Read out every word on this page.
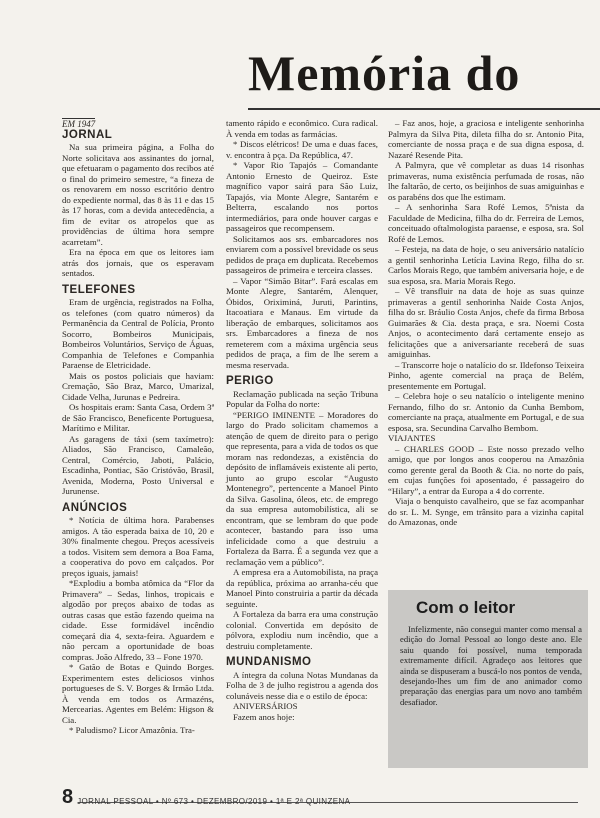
Memória do
EM 1947
JORNAL

Na sua primeira página, a Folha do Norte solicitava aos assinantes do jornal, que efetuaram o pagamento dos recibos até o final do primeiro semestre, “a fineza de os renovarem em nosso escritório dentro do expediente normal, das 8 às 11 e das 15 às 17 horas, com a devida antecedência, a fim de evitar os atropelos que as providências de última hora sempre acarretam”.

Era na época em que os leitores iam atrás dos jornais, que os esperavam sentados.

TELEFONES

Eram de urgência, registrados na Folha, os telefones (com quatro números) da Permanência da Central de Polícia, Pronto Socorro, Bombeiros Municipais, Bombeiros Voluntários, Serviço de Águas, Companhia de Telefones e Companhia Paraense de Eletricidade.

Mais os postos policiais que haviam: Cremação, São Braz, Marco, Umarizal, Cidade Velha, Jurunas e Pedreira.

Os hospitais eram: Santa Casa, Ordem 3ª de São Francisco, Beneficente Portuguesa, Marítimo e Militar.

As garagens de táxi (sem taxímetro): Aliados, São Francisco, Camaleão, Central, Comércio, Jaboti, Palácio, Escadinha, Pontiac, São Cristóvão, Brasil, Avenida, Moderna, Posto Universal e Jurunense.

ANÚNCIOS

* Notícia de última hora. Parabenses amigos. A tão esperada baixa de 10, 20 e 30% finalmente chegou. Preços acessíveis a todos. Visitem sem demora a Boa Fama, a cooperativa do povo em calçados. Por preços iguais, jamais!

*Explodiu a bomba atômica da “Flor da Primavera” – Sedas, linhos, tropicais e algodão por preços abaixo de todas as outras casas que estão fazendo queima na cidade. Esse formidável incêndio começará dia 4, sexta-feira. Aguardem e não percam a oportunidade de boas compras. João Alfredo, 33 – Fone 1970.

* Gatão de Botas e Quindo Borges. Experimentem estes deliciosos vinhos portugueses de S. V. Borges & Irmão Ltda. À venda em todos os Armazéns, Mercearias. Agentes em Belém: Higson & Cia.

* Paludismo? Licor Amazônia. Tra-

tamento rápido e econômico. Cura radical. À venda em todas as farmácias.

* Discos elétricos! De uma e duas faces, v. encontra à pça. Da República, 47.

* Vapor Rio Tapajós – Comandante Antonio Ernesto de Queiroz. Este magnífico vapor sairá para São Luiz, Tapajós, via Monte Alegre, Santarém e Belterra, escalando nos portos intermediários, para onde houver cargas e passageiros que recompensem.

Solicitamos aos srs. embarcadores nos enviarem com a possível brevidade os seus pedidos de praça em duplicata. Recebemos passageiros de primeira e terceira classes.

– Vapor “Simão Bitar”. Fará escalas em Monte Alegre, Santarém, Alenquer, Óbidos, Oriximiná, Juruti, Parintins, Itacoatiara e Manaus. Em virtude da liberação de embarques, solicitamos aos srs. Embarcadores a fineza de nos remeterem com a máxima urgência seus pedidos de praça, a fim de lhe serem a mesma reservada.

PERIGO

Reclamação publicada na seção Tribuna Popular da Folha do norte:

“PERIGO IMINENTE – Moradores do largo do Prado solicitam chamemos a atenção de quem de direito para o perigo que representa, para a vida de todos os que moram nas redondezas, a existência do depósito de inflamáveis existente ali perto, junto ao grupo escolar “Augusto Montenegro”, pertencente a Manoel Pinto da Silva. Gasolina, óleos, etc. de emprego da sua empresa automobilística, ali se encontram, que se lembram do que pode acontecer, bastando para isso uma infelicidade como a que destruiu a Fortaleza da Barra. É a segunda vez que a reclamação vem a público”.

A empresa era a Automobilista, na praça da república, próxima ao arranha-céu que Manoel Pinto construiria a partir da década seguinte.

A Fortaleza da barra era uma construção colonial. Convertida em depósito de pólvora, explodiu num incêndio, que a destruiu completamente.

MUNDANISMO

A íntegra da coluna Notas Mundanas da Folha de 3 de julho registrou a agenda dos colunáveis nesse dia e o estilo de época:

ANIVERSÁRIOS

Fazem anos hoje:

– Faz anos, hoje, a graciosa e inteligente senhorinha Palmyra da Silva Pita, dileta filha do sr. Antonio Pita, comerciante de nossa praça e de sua digna esposa, d. Nazaré Resende Pita.

A Palmyra, que vê completar as duas 14 risonhas primaveras, numa existência perfumada de rosas, não lhe faltarão, de certo, os beijinhos de suas amiguinhas e os parabéns dos que lhe estimam.

– A senhorinha Sara Rofé Lemos, 5ªnista da Faculdade de Medicina, filha do dr. Ferreira de Lemos, conceituado oftalmologista paraense, e esposa, sra. Sol Rofé de Lemos.

– Festeja, na data de hoje, o seu aniversário natalício a gentil senhorinha Letícia Lavina Rego, filha do sr. Carlos Morais Rego, que também aniversaria hoje, e de sua esposa, sra. Maria Morais Rego.

– Vê transfluir na data de hoje as suas quinze primaveras a gentil senhorinha Naide Costa Anjos, filha do sr. Bráulio Costa Anjos, chefe da firma Brbosa Guimarães & Cia. desta praça, e sra. Noemi Costa Anjos, o acontecimento dará certamente ensejo as felicitações que a aniversariante receberá de suas amiguinhas.

– Transcorre hoje o natalício do sr. Ildefonso Teixeira Pinho, agente comercial na praça de Belém, presentemente em Portugal.

– Celebra hoje o seu natalício o inteligente menino Fernando, filho do sr. Antonio da Cunha Bembom, comerciante na praça, atualmente em Portugal, e de sua esposa, sra. Secundina Carvalho Bembom.

VIAJANTES

– CHARLES GOOD – Este nosso prezado velho amigo, que por longos anos cooperou na Amazônia como gerente geral da Booth & Cia. no norte do país, em cujas funções foi aposentado, é passageiro do “Hilary”, a entrar da Europa a 4 do corrente.

Viaja o benquisto cavalheiro, que se faz acompanhar do sr. L. M. Synge, em trânsito para a vizinha capital do Amazonas, onde

Com o leitor
Infelizmente, não consegui manter como mensal a edição do Jornal Pessoal ao longo deste ano. Ele saiu quando foi possível, numa temporada extremamente difícil. Agradeço aos leitores que ainda se dispuseram a buscá-lo nos pontos de venda, desejando-lhes um fim de ano animador como preparação das energias para um novo ano também desafiador.
8 JORNAL PESSOAL • Nº 673 • DEZEMBRO/2019 • 1ª E 2ª QUINZENA
